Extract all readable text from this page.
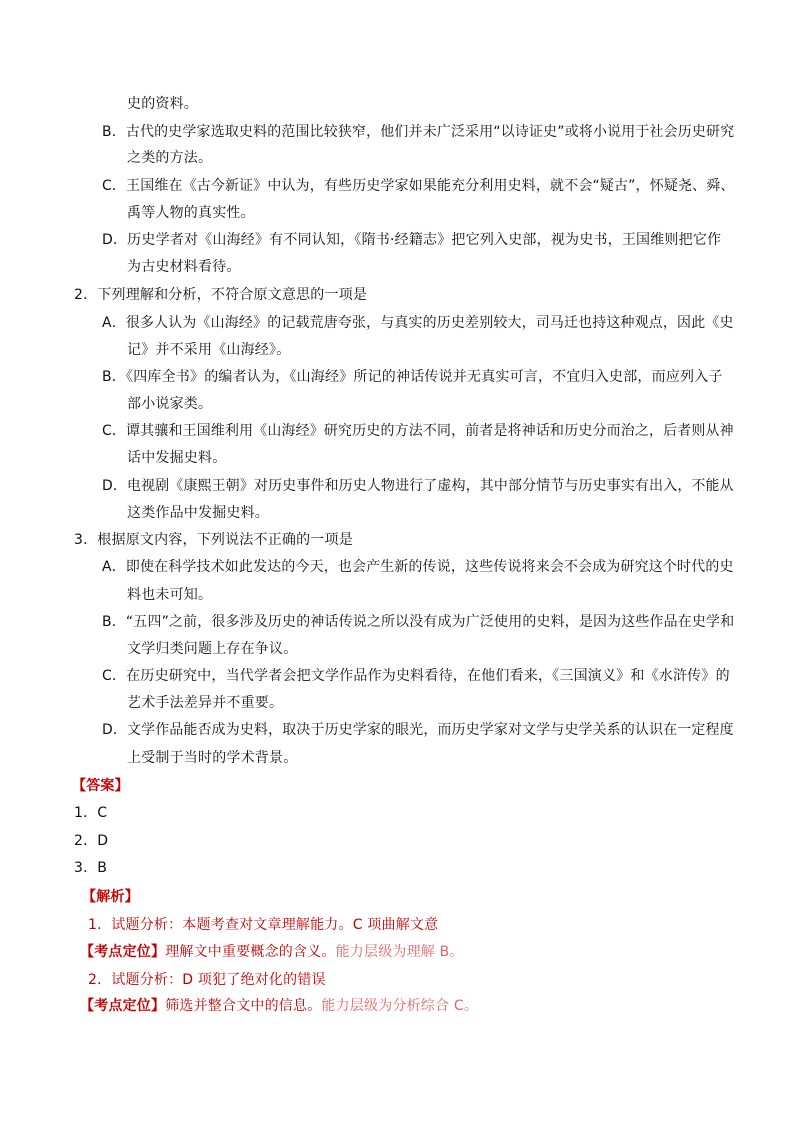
史的资料。
B．古代的史学家选取史料的范围比较狭窄，他们并未广泛采用“以诗证史”或将小说用于社会历史研究
之类的方法。
C．王国维在《古今新证》中认为，有些历史学家如果能充分利用史料，就不会“疑古”，怀疑尧、舜、
禹等人物的真实性。
D．历史学者对《山海经》有不同认知，《隋书·经籍志》把它列入史部，视为史书，王国维则把它作
为古史材料看待。
2．下列理解和分析，不符合原文意思的一项是
A．很多人认为《山海经》的记载荒唐夸张，与真实的历史差别较大，司马迁也持这种观点，因此《史
记》并不采用《山海经》。
B．《四库全书》的编者认为，《山海经》所记的神话传说并无真实可言，不宜归入史部，而应列入子
部小说家类。
C．谭其骧和王国维利用《山海经》研究历史的方法不同，前者是将神话和历史分而治之，后者则从神
话中发掘史料。
D．电视剧《康熙王朝》对历史事件和历史人物进行了虚构，其中部分情节与历史事实有出入，不能从
这类作品中发掘史料。
3．根据原文内容，下列说法不正确的一项是
A．即使在科学技术如此发达的今天，也会产生新的传说，这些传说将来会不会成为研究这个时代的史
料也未可知。
B．“五四”之前，很多涉及历史的神话传说之所以没有成为广泛使用的史料，是因为这些作品在史学和
文学归类问题上存在争议。
C．在历史研究中，当代学者会把文学作品作为史料看待，在他们看来，《三国演义》和《水浒传》的
艺术手法差异并不重要。
D．文学作品能否成为史料，取决于历史学家的眼光，而历史学家对文学与史学关系的认识在一定程度
上受制于当时的学术背景。
【答案】
1．C
2．D
3．B
【解析】
1．试题分析：本题考查对文章理解能力。C 项曲解文意
【考点定位】理解文中重要概念的含义。能力层级为理解 B。
2．试题分析：D 项犯了绝对化的错误
【考点定位】筛选并整合文中的信息。能力层级为分析综合 C。
